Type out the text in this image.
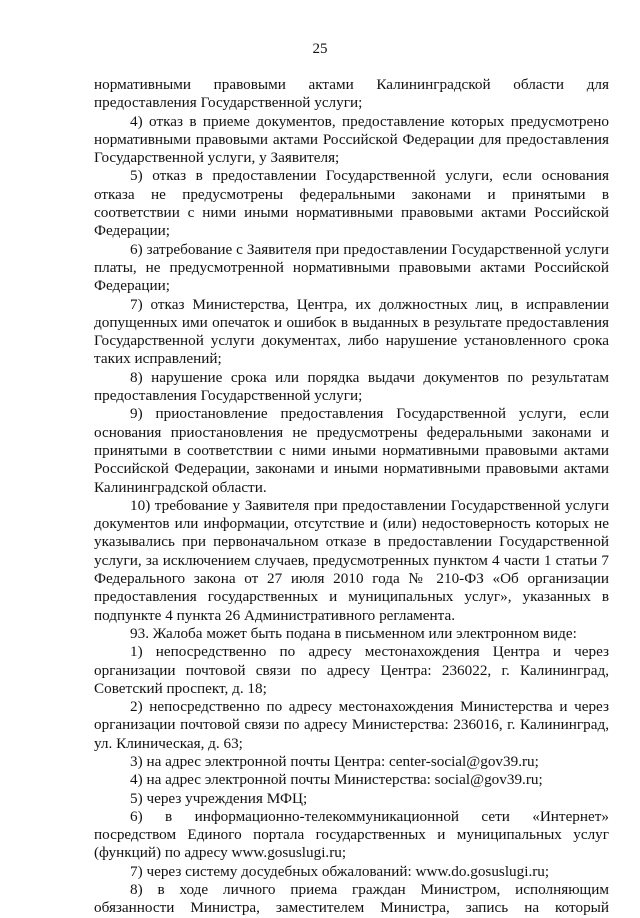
25

нормативными правовыми актами Калининградской области для предоставления Государственной услуги;

4) отказ в приеме документов, предоставление которых предусмотрено нормативными правовыми актами Российской Федерации для предоставления Государственной услуги, у Заявителя;

5) отказ в предоставлении Государственной услуги, если основания отказа не предусмотрены федеральными законами и принятыми в соответствии с ними иными нормативными правовыми актами Российской Федерации;

6) затребование с Заявителя при предоставлении Государственной услуги платы, не предусмотренной нормативными правовыми актами Российской Федерации;

7) отказ Министерства, Центра, их должностных лиц, в исправлении допущенных ими опечаток и ошибок в выданных в результате предоставления Государственной услуги документах, либо нарушение установленного срока таких исправлений;

8) нарушение срока или порядка выдачи документов по результатам предоставления Государственной услуги;

9) приостановление предоставления Государственной услуги, если основания приостановления не предусмотрены федеральными законами и принятыми в соответствии с ними иными нормативными правовыми актами Российской Федерации, законами и иными нормативными правовыми актами Калининградской области.

10) требование у Заявителя при предоставлении Государственной услуги документов или информации, отсутствие и (или) недостоверность которых не указывались при первоначальном отказе в предоставлении Государственной услуги, за исключением случаев, предусмотренных пунктом 4 части 1 статьи 7 Федерального закона от 27 июля 2010 года № 210-ФЗ «Об организации предоставления государственных и муниципальных услуг», указанных в подпункте 4 пункта 26 Административного регламента.

93. Жалоба может быть подана в письменном или электронном виде:

1) непосредственно по адресу местонахождения Центра и через организации почтовой связи по адресу Центра: 236022, г. Калининград, Советский проспект, д. 18;

2) непосредственно по адресу местонахождения Министерства и через организации почтовой связи по адресу Министерства: 236016, г. Калининград, ул. Клиническая, д. 63;

3) на адрес электронной почты Центра: center-social@gov39.ru;

4) на адрес электронной почты Министерства: social@gov39.ru;

5) через учреждения МФЦ;

6) в информационно-телекоммуникационной сети «Интернет» посредством Единого портала государственных и муниципальных услуг (функций) по адресу www.gosuslugi.ru;

7) через систему досудебных обжалований: www.do.gosuslugi.ru;

8) в ходе личного приема граждан Министром, исполняющим обязанности Министра, заместителем Министра, запись на который
